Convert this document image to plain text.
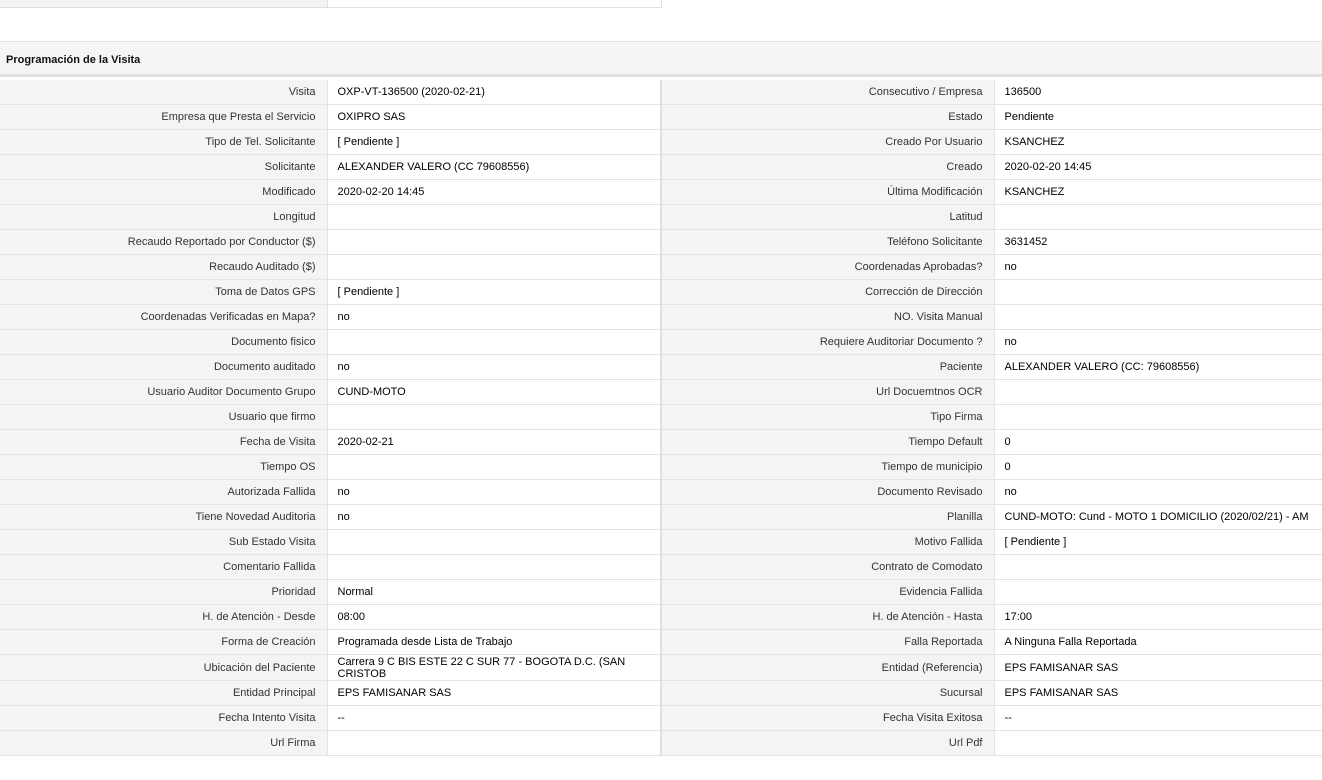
Programación de la Visita
Visita	OXP-VT-136500 (2020-02-21)	Consecutivo / Empresa	136500
Empresa que Presta el Servicio	OXIPRO SAS	Estado	Pendiente
Tipo de Tel. Solicitante	[ Pendiente ]	Creado Por Usuario	KSANCHEZ
Solicitante	ALEXANDER VALERO (CC 79608556)	Creado	2020-02-20 14:45
Modificado	2020-02-20 14:45	Última Modificación	KSANCHEZ
Longitud		Latitud	
Recaudo Reportado por Conductor ($)		Teléfono Solicitante	3631452
Recaudo Auditado ($)		Coordenadas Aprobadas?	no
Toma de Datos GPS	[ Pendiente ]	Corrección de Dirección	
Coordenadas Verificadas en Mapa?	no	NO. Visita Manual	
Documento fisico		Requiere Auditoriar Documento ?	no
Documento auditado	no	Paciente	ALEXANDER VALERO (CC: 79608556)
Usuario Auditor Documento Grupo	CUND-MOTO	Url Docuemtnos OCR	
Usuario que firmo		Tipo Firma	
Fecha de Visita	2020-02-21	Tiempo Default	0
Tiempo OS		Tiempo de municipio	0
Autorizada Fallida	no	Documento Revisado	no
Tiene Novedad Auditoria	no	Planilla	CUND-MOTO: Cund - MOTO 1 DOMICILIO (2020/02/21) - AM
Sub Estado Visita		Motivo Fallida	[ Pendiente ]
Comentario Fallida		Contrato de Comodato	
Prioridad	Normal	Evidencia Fallida	
H. de Atención - Desde	08:00	H. de Atención - Hasta	17:00
Forma de Creación	Programada desde Lista de Trabajo	Falla Reportada	A Ninguna Falla Reportada
Ubicación del Paciente	Carrera 9 C BIS ESTE 22 C SUR 77 - BOGOTA D.C. (SAN CRISTOB	Entidad (Referencia)	EPS FAMISANAR SAS
Entidad Principal	EPS FAMISANAR SAS	Sucursal	EPS FAMISANAR SAS
Fecha Intento Visita	--	Fecha Visita Exitosa	--
Url Firma		Url Pdf	
